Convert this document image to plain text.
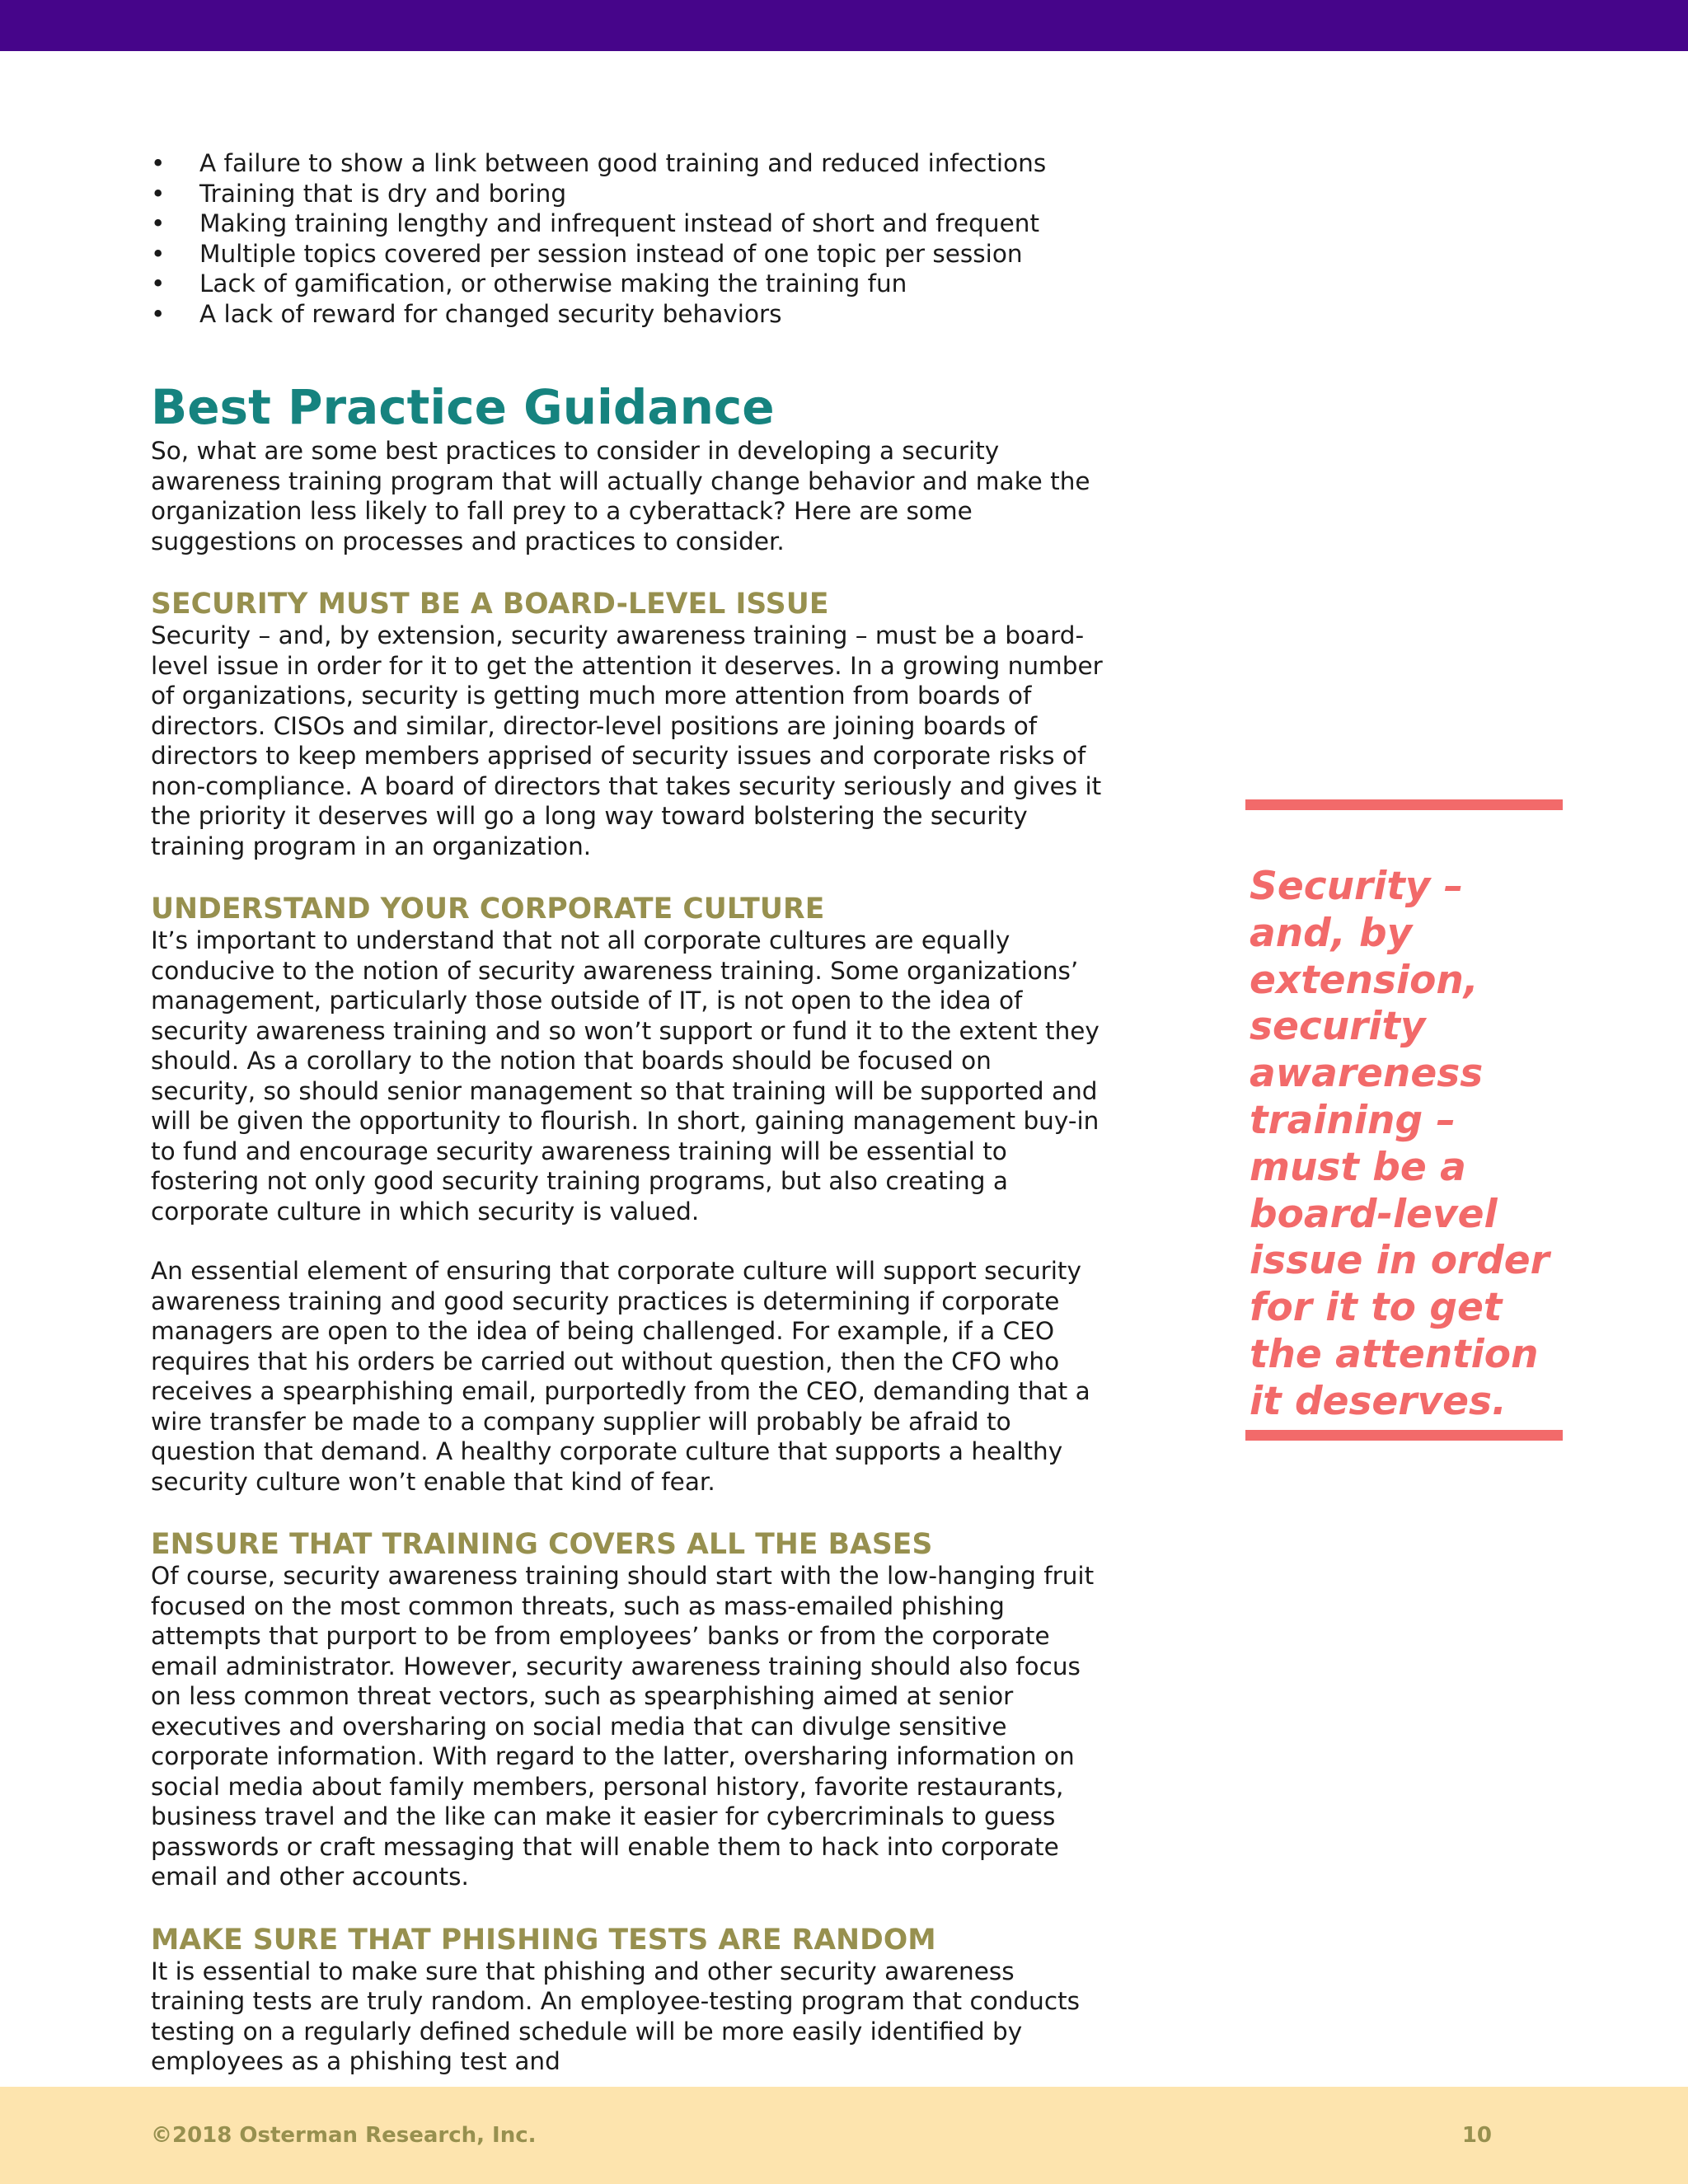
• A failure to show a link between good training and reduced infections
• Training that is dry and boring
• Making training lengthy and infrequent instead of short and frequent
• Multiple topics covered per session instead of one topic per session
• Lack of gamification, or otherwise making the training fun
• A lack of reward for changed security behaviors
Best Practice Guidance

So, what are some best practices to consider in developing a security awareness training program that will actually change behavior and make the organization less likely to fall prey to a cyberattack? Here are some suggestions on processes and practices to consider.

SECURITY MUST BE A BOARD-LEVEL ISSUE

Security – and, by extension, security awareness training – must be a board-level issue in order for it to get the attention it deserves. In a growing number of organizations, security is getting much more attention from boards of directors. CISOs and similar, director-level positions are joining boards of directors to keep members apprised of security issues and corporate risks of non-compliance. A board of directors that takes security seriously and gives it the priority it deserves will go a long way toward bolstering the security training program in an organization.

UNDERSTAND YOUR CORPORATE CULTURE

It’s important to understand that not all corporate cultures are equally conducive to the notion of security awareness training. Some organizations’ management, particularly those outside of IT, is not open to the idea of security awareness training and so won’t support or fund it to the extent they should. As a corollary to the notion that boards should be focused on security, so should senior management so that training will be supported and will be given the opportunity to flourish. In short, gaining management buy-in to fund and encourage security awareness training will be essential to fostering not only good security training programs, but also creating a corporate culture in which security is valued.

An essential element of ensuring that corporate culture will support security awareness training and good security practices is determining if corporate managers are open to the idea of being challenged. For example, if a CEO requires that his orders be carried out without question, then the CFO who receives a spearphishing email, purportedly from the CEO, demanding that a wire transfer be made to a company supplier will probably be afraid to question that demand. A healthy corporate culture that supports a healthy security culture won’t enable that kind of fear.

ENSURE THAT TRAINING COVERS ALL THE BASES

Of course, security awareness training should start with the low-hanging fruit focused on the most common threats, such as mass-emailed phishing attempts that purport to be from employees’ banks or from the corporate email administrator. However, security awareness training should also focus on less common threat vectors, such as spearphishing aimed at senior executives and oversharing on social media that can divulge sensitive corporate information. With regard to the latter, oversharing information on social media about family members, personal history, favorite restaurants, business travel and the like can make it easier for cybercriminals to guess passwords or craft messaging that will enable them to hack into corporate email and other accounts.

MAKE SURE THAT PHISHING TESTS ARE RANDOM

It is essential to make sure that phishing and other security awareness training tests are truly random. An employee-testing program that conducts testing on a regularly defined schedule will be more easily identified by employees as a phishing test and

Security – and, by extension, security awareness training – must be a board-level issue in order for it to get the attention it deserves.
©2018 Osterman Research, Inc.	10
